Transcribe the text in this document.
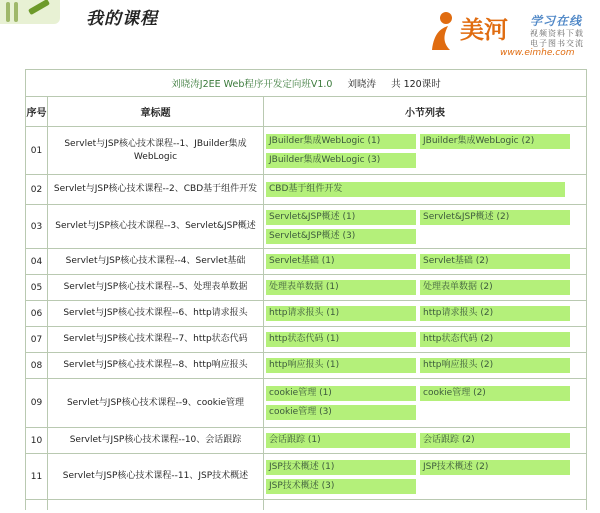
我的课程	美河 学习在线
视频资料下载
电子图书交流
www.eimhe.com
刘晓涛J2EE Web程序开发定向班V1.0 刘晓涛 共 120课时		
序号	章标题	小节列表
01	Servlet与JSP核心技术课程--1、JBuilder集成WebLogic	JBuilder集成WebLogic (1) JBuilder集成WebLogic (2)
JBuilder集成WebLogic (3)

02	Servlet与JSP核心技术课程--2、CBD基于组件开发	CBD基于组件开发

03	Servlet与JSP核心技术课程--3、Servlet&JSP概述	Servlet&JSP概述 (1) Servlet&JSP概述 (2)
Servlet&JSP概述 (3)

04	Servlet与JSP核心技术课程--4、Servlet基础	Servlet基础 (1) Servlet基础 (2)

05	Servlet与JSP核心技术课程--5、处理表单数据	处理表单数据 (1) 处理表单数据 (2)

06	Servlet与JSP核心技术课程--6、http请求报头	http请求报头 (1) http请求报头 (2)

07	Servlet与JSP核心技术课程--7、http状态代码	http状态代码 (1) http状态代码 (2)

08	Servlet与JSP核心技术课程--8、http响应报头	http响应报头 (1) http响应报头 (2)

09	Servlet与JSP核心技术课程--9、cookie管理	cookie管理 (1) cookie管理 (2)
cookie管理 (3)

10	Servlet与JSP核心技术课程--10、会话跟踪	会话跟踪 (1) 会话跟踪 (2)

11	Servlet与JSP核心技术课程--11、JSP技术概述	JSP技术概述 (1) JSP技术概述 (2)
JSP技术概述 (3)
